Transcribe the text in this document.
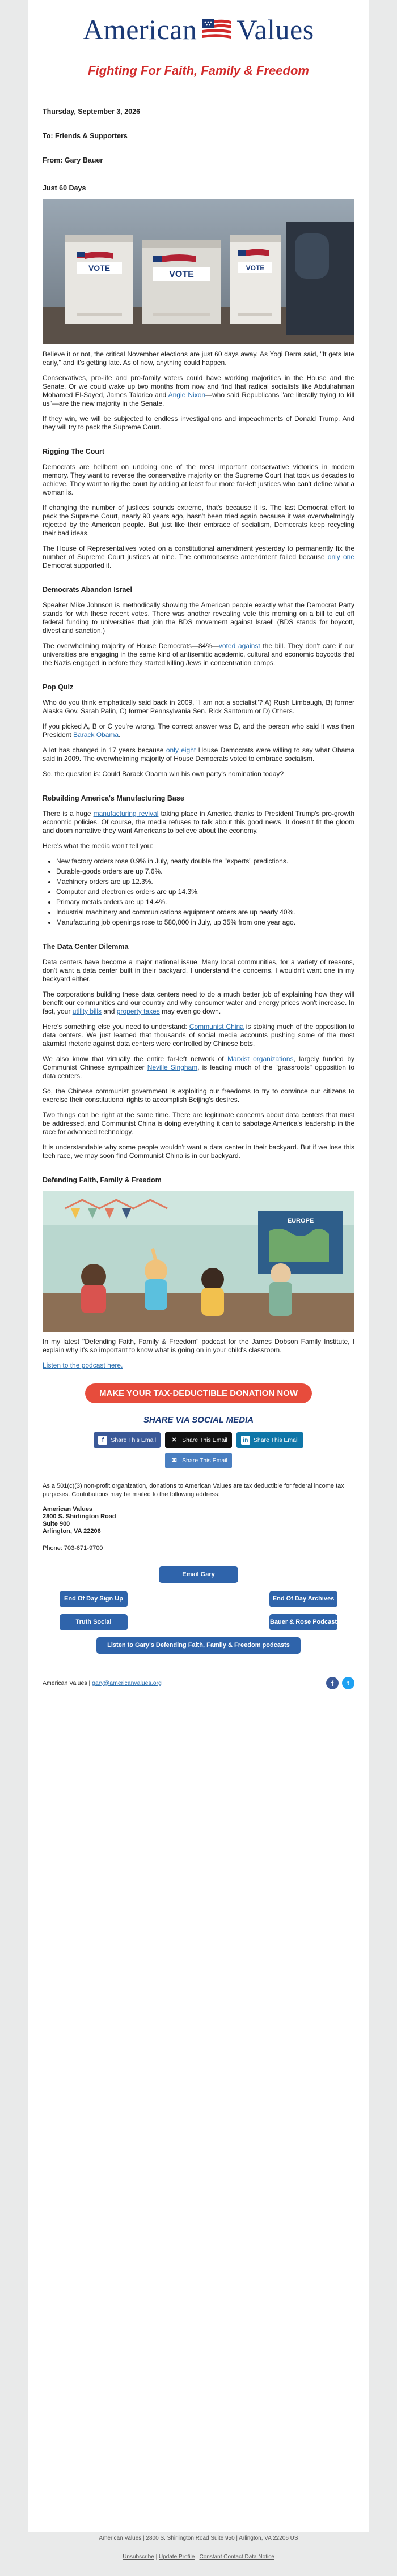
American Values
Fighting For Faith, Family & Freedom

Thursday, September 3, 2026

To: Friends & Supporters

From: Gary Bauer

Just 60 Days
VOTE
VOTE
VOTE

Believe it or not, the critical November elections are just 60 days away. As Yogi Berra said, "It gets late early," and it's getting late. As of now, anything could happen.

Conservatives, pro-life and pro-family voters could have working majorities in the House and the Senate. Or we could wake up two months from now and find that radical socialists like Abdulrahman Mohamed El-Sayed, James Talarico and Angie Nixon—who said Republicans "are literally trying to kill us"—are the new majority in the Senate.

If they win, we will be subjected to endless investigations and impeachments of Donald Trump. And they will try to pack the Supreme Court.

Rigging The Court

Democrats are hellbent on undoing one of the most important conservative victories in modern memory. They want to reverse the conservative majority on the Supreme Court that took us decades to achieve. They want to rig the court by adding at least four more far-left justices who can't define what a woman is.

If changing the number of justices sounds extreme, that's because it is. The last Democrat effort to pack the Supreme Court, nearly 90 years ago, hasn't been tried again because it was overwhelmingly rejected by the American people. But just like their embrace of socialism, Democrats keep recycling their bad ideas.

The House of Representatives voted on a constitutional amendment yesterday to permanently fix the number of Supreme Court justices at nine. The commonsense amendment failed because only one Democrat supported it.

Democrats Abandon Israel

Speaker Mike Johnson is methodically showing the American people exactly what the Democrat Party stands for with these recent votes. There was another revealing vote this morning on a bill to cut off federal funding to universities that join the BDS movement against Israel! (BDS stands for boycott, divest and sanction.)

The overwhelming majority of House Democrats—84%—voted against the bill. They don't care if our universities are engaging in the same kind of antisemitic academic, cultural and economic boycotts that the Nazis engaged in before they started killing Jews in concentration camps.

Pop Quiz

Who do you think emphatically said back in 2009, "I am not a socialist"? A) Rush Limbaugh, B) former Alaska Gov. Sarah Palin, C) former Pennsylvania Sen. Rick Santorum or D) Others.

If you picked A, B or C you're wrong. The correct answer was D, and the person who said it was then President Barack Obama.

A lot has changed in 17 years because only eight House Democrats were willing to say what Obama said in 2009. The overwhelming majority of House Democrats voted to embrace socialism.

So, the question is: Could Barack Obama win his own party's nomination today?

Rebuilding America's Manufacturing Base

There is a huge manufacturing revival taking place in America thanks to President Trump's pro-growth economic policies. Of course, the media refuses to talk about this good news. It doesn't fit the gloom and doom narrative they want Americans to believe about the economy.

Here's what the media won't tell you:

• New factory orders rose 0.9% in July, nearly double the "experts" predictions.
• Durable-goods orders are up 7.6%.
• Machinery orders are up 12.3%.
• Computer and electronics orders are up 14.3%.
• Primary metals orders are up 14.4%.
• Industrial machinery and communications equipment orders are up nearly 40%.
• Manufacturing job openings rose to 580,000 in July, up 35% from one year ago.
The Data Center Dilemma

Data centers have become a major national issue. Many local communities, for a variety of reasons, don't want a data center built in their backyard. I understand the concerns. I wouldn't want one in my backyard either.

The corporations building these data centers need to do a much better job of explaining how they will benefit our communities and our country and why consumer water and energy prices won't increase. In fact, your utility bills and property taxes may even go down.

Here's something else you need to understand: Communist China is stoking much of the opposition to data centers. We just learned that thousands of social media accounts pushing some of the most alarmist rhetoric against data centers were controlled by Chinese bots.

We also know that virtually the entire far-left network of Marxist organizations, largely funded by Communist Chinese sympathizer Neville Singham, is leading much of the "grassroots" opposition to data centers.

So, the Chinese communist government is exploiting our freedoms to try to convince our citizens to exercise their constitutional rights to accomplish Beijing's desires.

Two things can be right at the same time. There are legitimate concerns about data centers that must be addressed, and Communist China is doing everything it can to sabotage America's leadership in the race for advanced technology.

It is understandable why some people wouldn't want a data center in their backyard. But if we lose this tech race, we may soon find Communist China is in our backyard.

Defending Faith, Family & Freedom
EUROPE

In my latest "Defending Faith, Family & Freedom" podcast for the James Dobson Family Institute, I explain why it's so important to know what is going on in your child's classroom.

Listen to the podcast here.

MAKE YOUR TAX-DEDUCTIBLE DONATION NOW
SHARE VIA SOCIAL MEDIA
f	Share This Email	✕ Share This Email	in Share This Email
✉ Share This Email

As a 501(c)(3) non-profit organization, donations to American Values are tax deductible for federal income tax purposes. Contributions may be mailed to the following address:

American Values
2800 S. Shirlington Road
Suite 900
Arlington, VA 22206

Phone: 703-671-9700

Email Gary
End Of Day Sign Up	End Of Day Archives
Truth Social	Bauer & Rose Podcast
Listen to Gary's Defending Faith, Family & Freedom podcasts
American Values | gary@americanvalues.org	f	t
American Values | 2800 S. Shirlington Road Suite 950 | Arlington, VA 22206 US
Unsubscribe | Update Profile | Constant Contact Data Notice
